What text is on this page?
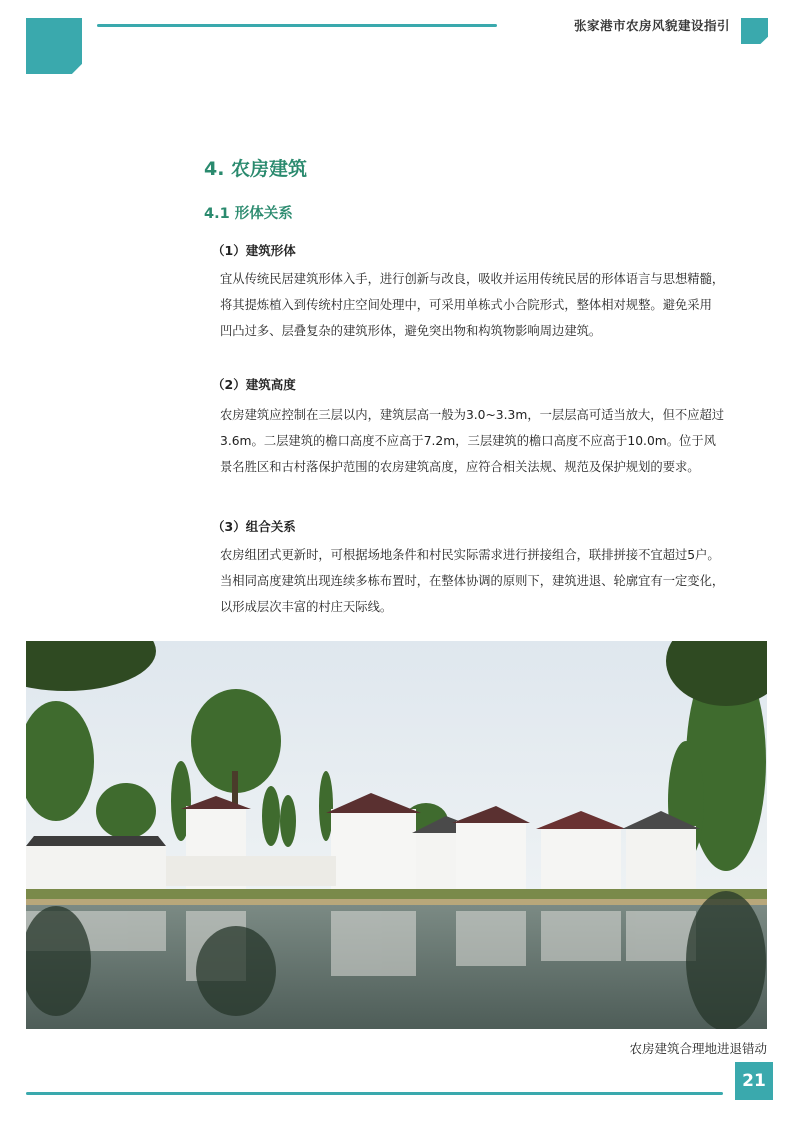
张家港市农房风貌建设指引
4. 农房建筑
4.1 形体关系
（1）建筑形体
宜从传统民居建筑形体入手，进行创新与改良，吸收并运用传统民居的形体语言与思想精髓，
将其提炼植入到传统村庄空间处理中，可采用单栋式小合院形式，整体相对规整。避免采用
凹凸过多、层叠复杂的建筑形体，避免突出物和构筑物影响周边建筑。
（2）建筑高度
农房建筑应控制在三层以内，建筑层高一般为3.0~3.3m，一层层高可适当放大，但不应超过
3.6m。二层建筑的檐口高度不应高于7.2m，三层建筑的檐口高度不应高于10.0m。位于风
景名胜区和古村落保护范围的农房建筑高度，应符合相关法规、规范及保护规划的要求。
（3）组合关系
农房组团式更新时，可根据场地条件和村民实际需求进行拼接组合，联排拼接不宜超过5户。
当相同高度建筑出现连续多栋布置时，在整体协调的原则下，建筑进退、轮廓宜有一定变化，
以形成层次丰富的村庄天际线。
农房建筑合理地进退错动
21
